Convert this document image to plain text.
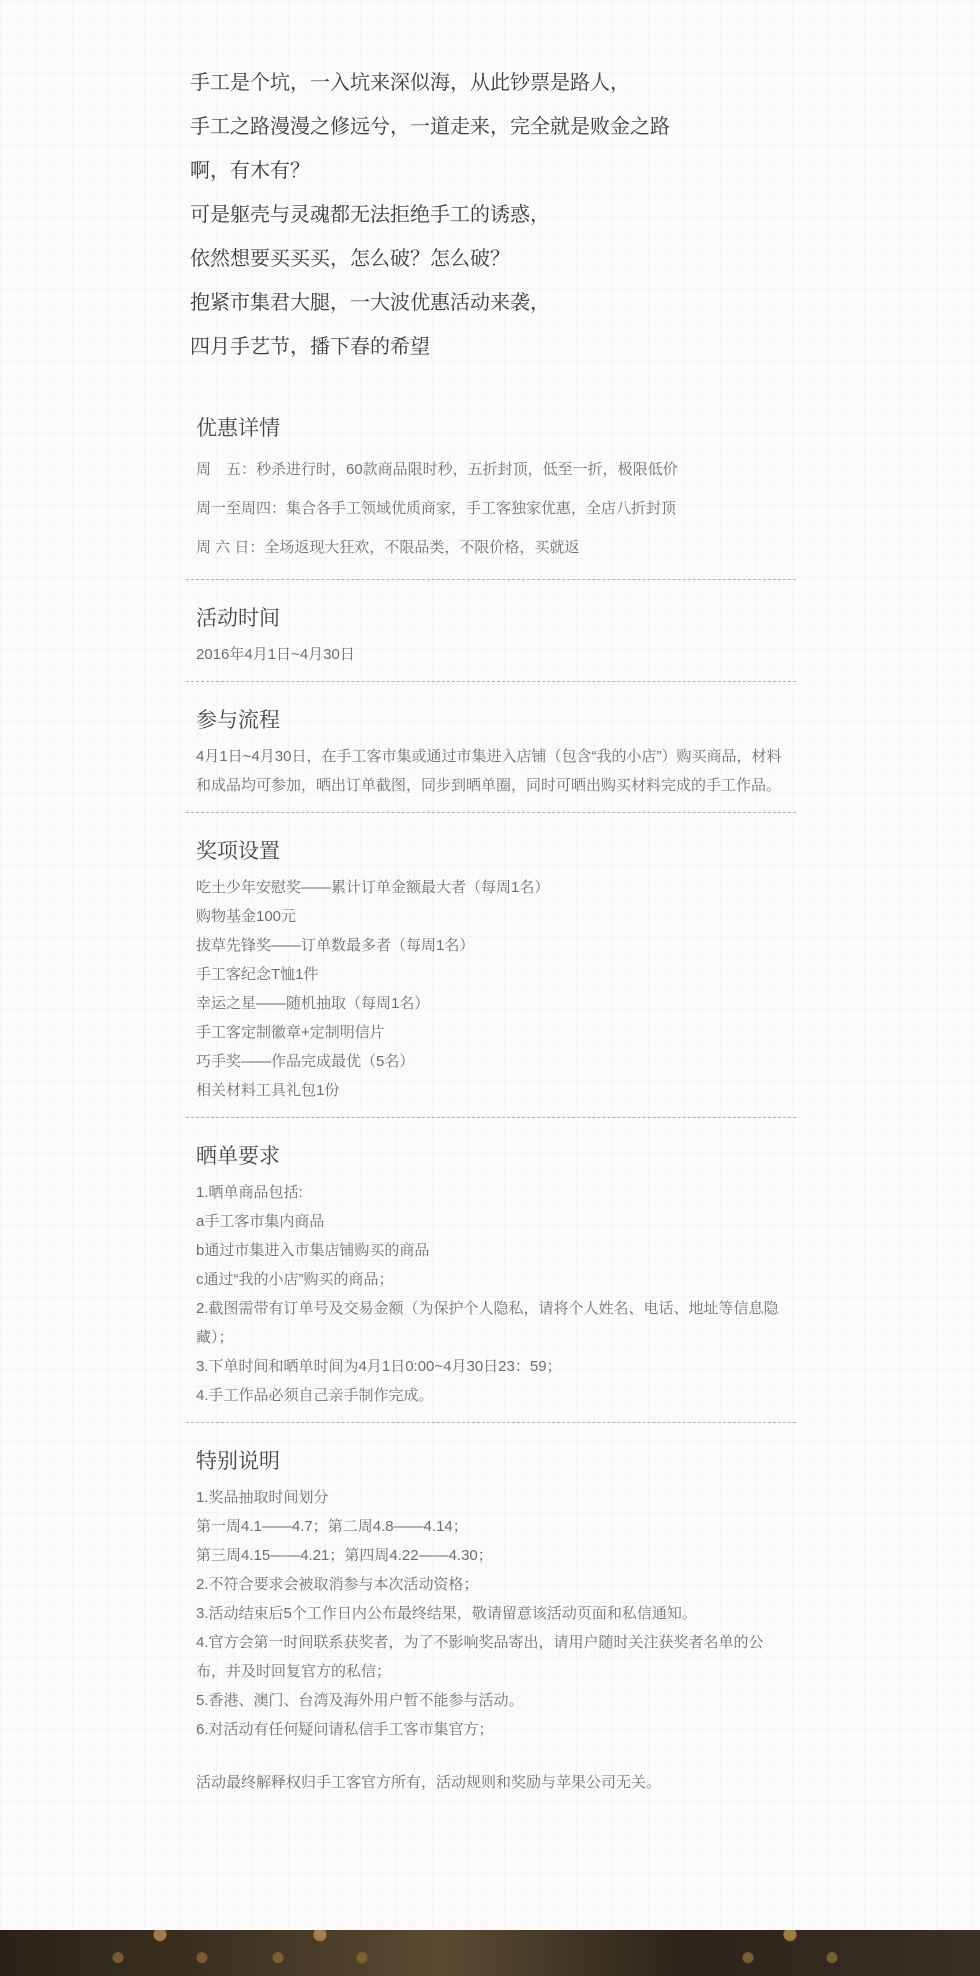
手工是个坑，一入坑来深似海，从此钞票是路人，
手工之路漫漫之修远兮，一道走来，完全就是败金之路
啊，有木有？
可是躯壳与灵魂都无法拒绝手工的诱惑，
依然想要买买买，怎么破？怎么破？
抱紧市集君大腿，一大波优惠活动来袭，
四月手艺节，播下春的希望
优惠详情
周　五：秒杀进行时，60款商品限时秒，五折封顶，低至一折，极限低价
周一至周四：集合各手工领域优质商家，手工客独家优惠，全店八折封顶
周 六 日：全场返现大狂欢，不限品类，不限价格，买就返
活动时间
2016年4月1日~4月30日
参与流程
4月1日~4月30日，在手工客市集或通过市集进入店铺（包含“我的小店”）购买商品，材料和成品均可参加，晒出订单截图，同步到晒单圈，同时可晒出购买材料完成的手工作品。
奖项设置
吃土少年安慰奖——累计订单金额最大者（每周1名）
购物基金100元
拔草先锋奖——订单数最多者（每周1名）
手工客纪念T恤1件
幸运之星——随机抽取（每周1名）
手工客定制徽章+定制明信片
巧手奖——作品完成最优（5名）
相关材料工具礼包1份
晒单要求
1.晒单商品包括:
a手工客市集内商品
b通过市集进入市集店铺购买的商品
c通过“我的小店”购买的商品；
2.截图需带有订单号及交易金额（为保护个人隐私，请将个人姓名、电话、地址等信息隐藏）；
3.下单时间和晒单时间为4月1日0:00~4月30日23：59；
4.手工作品必须自己亲手制作完成。
特别说明
1.奖品抽取时间划分
第一周4.1——4.7；第二周4.8——4.14；
第三周4.15——4.21；第四周4.22——4.30；
2.不符合要求会被取消参与本次活动资格；
3.活动结束后5个工作日内公布最终结果，敬请留意该活动页面和私信通知。
4.官方会第一时间联系获奖者，为了不影响奖品寄出，请用户随时关注获奖者名单的公布，并及时回复官方的私信；
5.香港、澳门、台湾及海外用户暂不能参与活动。
6.对活动有任何疑问请私信手工客市集官方；
活动最终解释权归手工客官方所有，活动规则和奖励与苹果公司无关。
